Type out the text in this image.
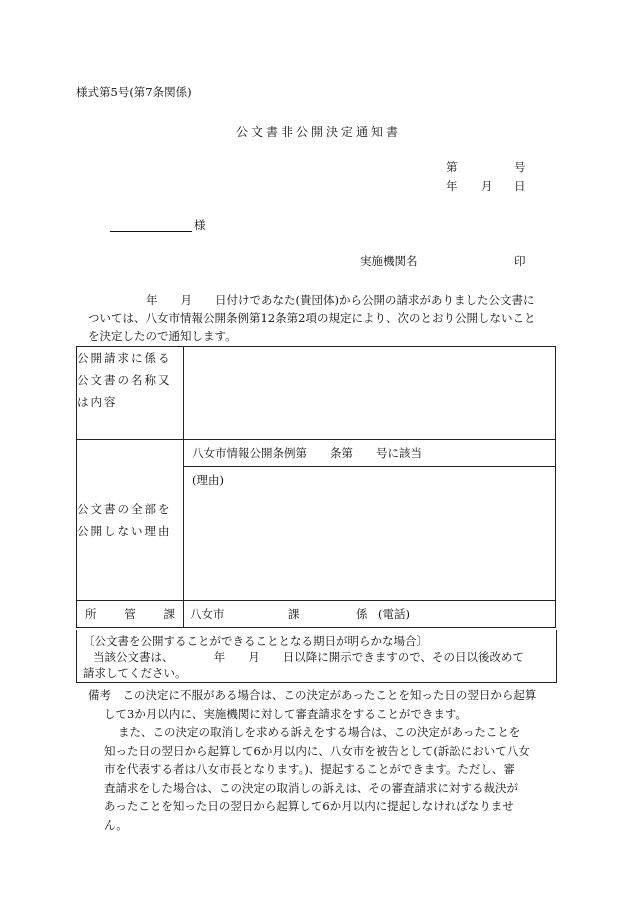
様式第5号(第7条関係)
公文書非公開決定通知書
第	号
年 月 日
様
実施機関名	印
年　　月　　日付けであなた(貴団体)から公開の請求がありました公文書に
ついては、八女市情報公開条例第12条第2項の規定により、次のとおり公開しないこと
を決定したので通知します。
公開請求に係る公文書の名称又は内容	
公文書の全部を公開しない理由	八女市情報公開条例第　　条第　　号に該当
(理由)

所 管 課	八女市 課 係 (電話)
〔公文書を公開することができることとなる期日が明らかな場合〕
当該公文書は、　　　　年　　月　　日以降に開示できますので、その日以後改めて
請求してください。
備考　 この決定に不服がある場合は、この決定があったことを知った日の翌日から起算
して3か月以内に、実施機関に対して審査請求をすることができます。
また、この決定の取消しを求める訴えをする場合は、この決定があったことを
知った日の翌日から起算して6か月以内に、八女市を被告として(訴訟において八女
市を代表する者は八女市長となります。)、提起することができます。ただし、審
査請求をした場合は、この決定の取消しの訴えは、その審査請求に対する裁決が
あったことを知った日の翌日から起算して6か月以内に提起しなければなりませ
ん。
